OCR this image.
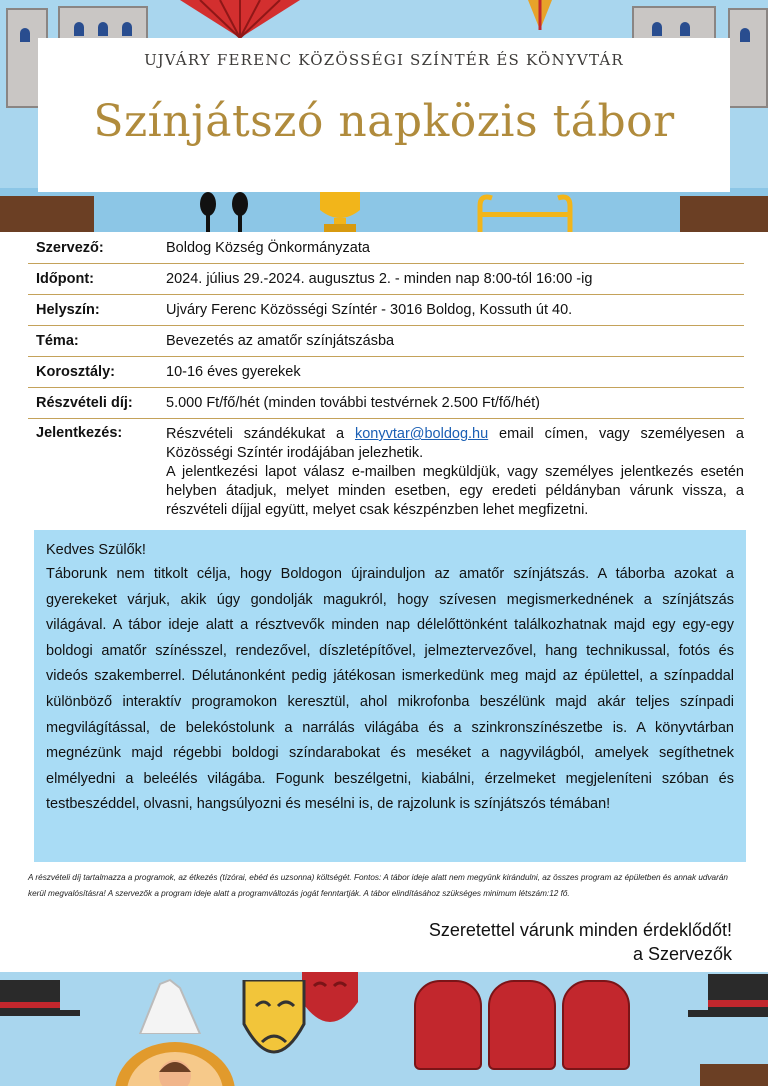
UJVÁRY FERENC KÖZÖSSÉGI SZÍNTÉR ÉS KÖNYVTÁR
Színjátszó napközis tábor
Szervező:	Boldog Község Önkormányzata
Időpont:	2024. július 29.-2024. augusztus 2. - minden nap 8:00-tól 16:00 -ig
Helyszín:	Ujváry Ferenc Közösségi Színtér - 3016 Boldog, Kossuth út 40.
Téma:	Bevezetés az amatőr színjátszásba
Korosztály:	10-16 éves gyerekek
Részvételi díj:	5.000 Ft/fő/hét (minden további testvérnek 2.500 Ft/fő/hét)
Jelentkezés:	Részvételi szándékukat a konyvtar@boldog.hu email címen, vagy személyesen a Közösségi Színtér irodájában jelezhetik.
A jelentkezési lapot válasz e-mailben megküldjük, vagy személyes jelentkezés esetén helyben átadjuk, melyet minden esetben, egy eredeti példányban várunk vissza, a részvételi díjjal együtt, melyet csak készpénzben lehet megfizetni.
Kedves Szülők!
Táborunk nem titkolt célja, hogy Boldogon újrainduljon az amatőr színjátszás. A táborba azokat a gyerekeket várjuk, akik úgy gondolják magukról, hogy szívesen megismerkednének a színjátszás világával. A tábor ideje alatt a résztvevők minden nap délelőttönként találkozhatnak majd egy egy-egy boldogi amatőr színésszel, rendezővel, díszletépítővel, jelmeztervezővel, hang technikussal, fotós és videós szakemberrel. Délutánonként pedig játékosan ismerkedünk meg majd az épülettel, a színpaddal különböző interaktív programokon keresztül, ahol mikrofonba beszélünk majd akár teljes színpadi megvilágítással, de belekóstolunk a narrálás világába és a szinkronszínészetbe is. A könyvtárban megnézünk majd régebbi boldogi színdarabokat és meséket a nagyvilágból, amelyek segíthetnek elmélyedni a beleélés világába. Fogunk beszélgetni, kiabálni, érzelmeket megjeleníteni szóban és testbeszéddel, olvasni, hangsúlyozni és mesélni is, de rajzolunk is színjátszós témában!
A részvételi díj tartalmazza a programok, az étkezés (tízórai, ebéd és uzsonna) költségét. Fontos: A tábor ideje alatt nem megyünk kirándulni, az összes program az épületben és annak udvarán kerül megvalósításra! A szervezők a program ideje alatt a programváltozás jogát fenntartják. A tábor elindításához szükséges minimum létszám:12 fő.
Szeretettel várunk minden érdeklődőt!
a Szervezők
